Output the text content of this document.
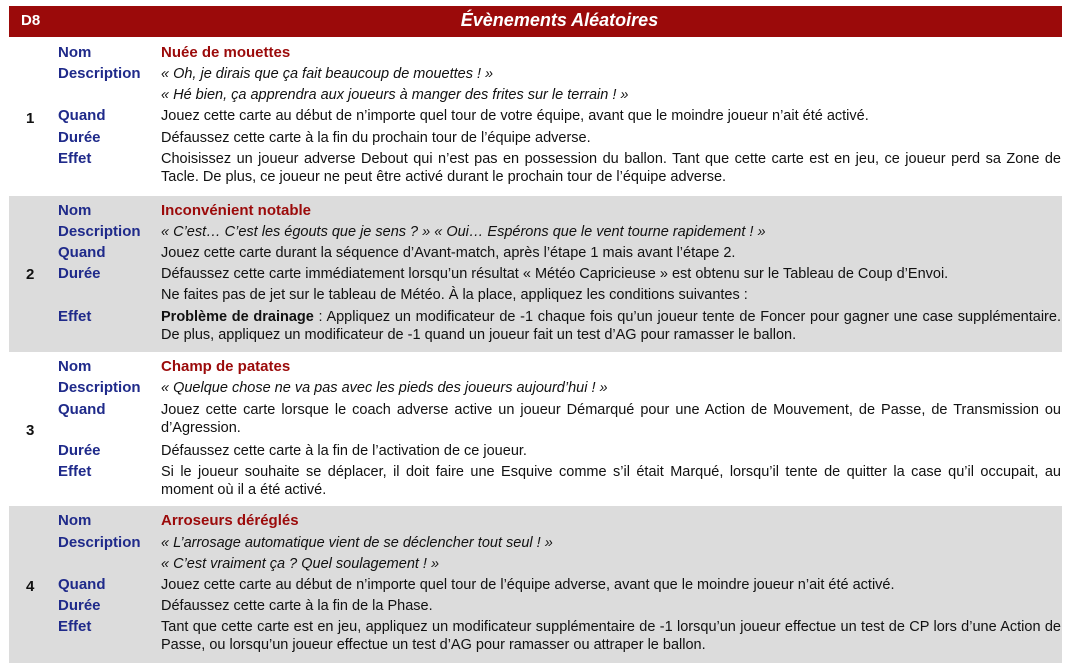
D8	Évènements Aléatoires
1
Nom	Nuée de mouettes
Description	« Oh, je dirais que ça fait beaucoup de mouettes ! »
« Hé bien, ça apprendra aux joueurs à manger des frites sur le terrain ! »
Quand	Jouez cette carte au début de n’importe quel tour de votre équipe, avant que le moindre joueur n’ait été activé.
Durée	Défaussez cette carte à la fin du prochain tour de l’équipe adverse.
Effet	Choisissez un joueur adverse Debout qui n’est pas en possession du ballon. Tant que cette carte est en jeu, ce joueur perd sa Zone de Tacle. De plus, ce joueur ne peut être activé durant le prochain tour de l’équipe adverse.
2
Nom	Inconvénient notable
Description	« C’est… C’est les égouts que je sens ? » « Oui… Espérons que le vent tourne rapidement ! »
Quand	Jouez cette carte durant la séquence d’Avant-match, après l’étape 1 mais avant l’étape 2.
Durée	Défaussez cette carte immédiatement lorsqu’un résultat « Météo Capricieuse » est obtenu sur le Tableau de Coup d’Envoi.
Ne faites pas de jet sur le tableau de Météo. À la place, appliquez les conditions suivantes :
Effet	Problème de drainage : Appliquez un modificateur de -1 chaque fois qu’un joueur tente de Foncer pour gagner une case supplémentaire. De plus, appliquez un modificateur de -1 quand un joueur fait un test d’AG pour ramasser le ballon.
3
Nom	Champ de patates
Description	« Quelque chose ne va pas avec les pieds des joueurs aujourd’hui ! »
Quand	Jouez cette carte lorsque le coach adverse active un joueur Démarqué pour une Action de Mouvement, de Passe, de Transmission ou d’Agression.
Durée	Défaussez cette carte à la fin de l’activation de ce joueur.
Effet	Si le joueur souhaite se déplacer, il doit faire une Esquive comme s’il était Marqué, lorsqu’il tente de quitter la case qu’il occupait, au moment où il a été activé.
4
Nom	Arroseurs déréglés
Description	« L’arrosage automatique vient de se déclencher tout seul ! »
« C’est vraiment ça ? Quel soulagement ! »
Quand	Jouez cette carte au début de n’importe quel tour de l’équipe adverse, avant que le moindre joueur n’ait été activé.
Durée	Défaussez cette carte à la fin de la Phase.
Effet	Tant que cette carte est en jeu, appliquez un modificateur supplémentaire de -1 lorsqu’un joueur effectue un test de CP lors d’une Action de Passe, ou lorsqu’un joueur effectue un test d’AG pour ramasser ou attraper le ballon.
